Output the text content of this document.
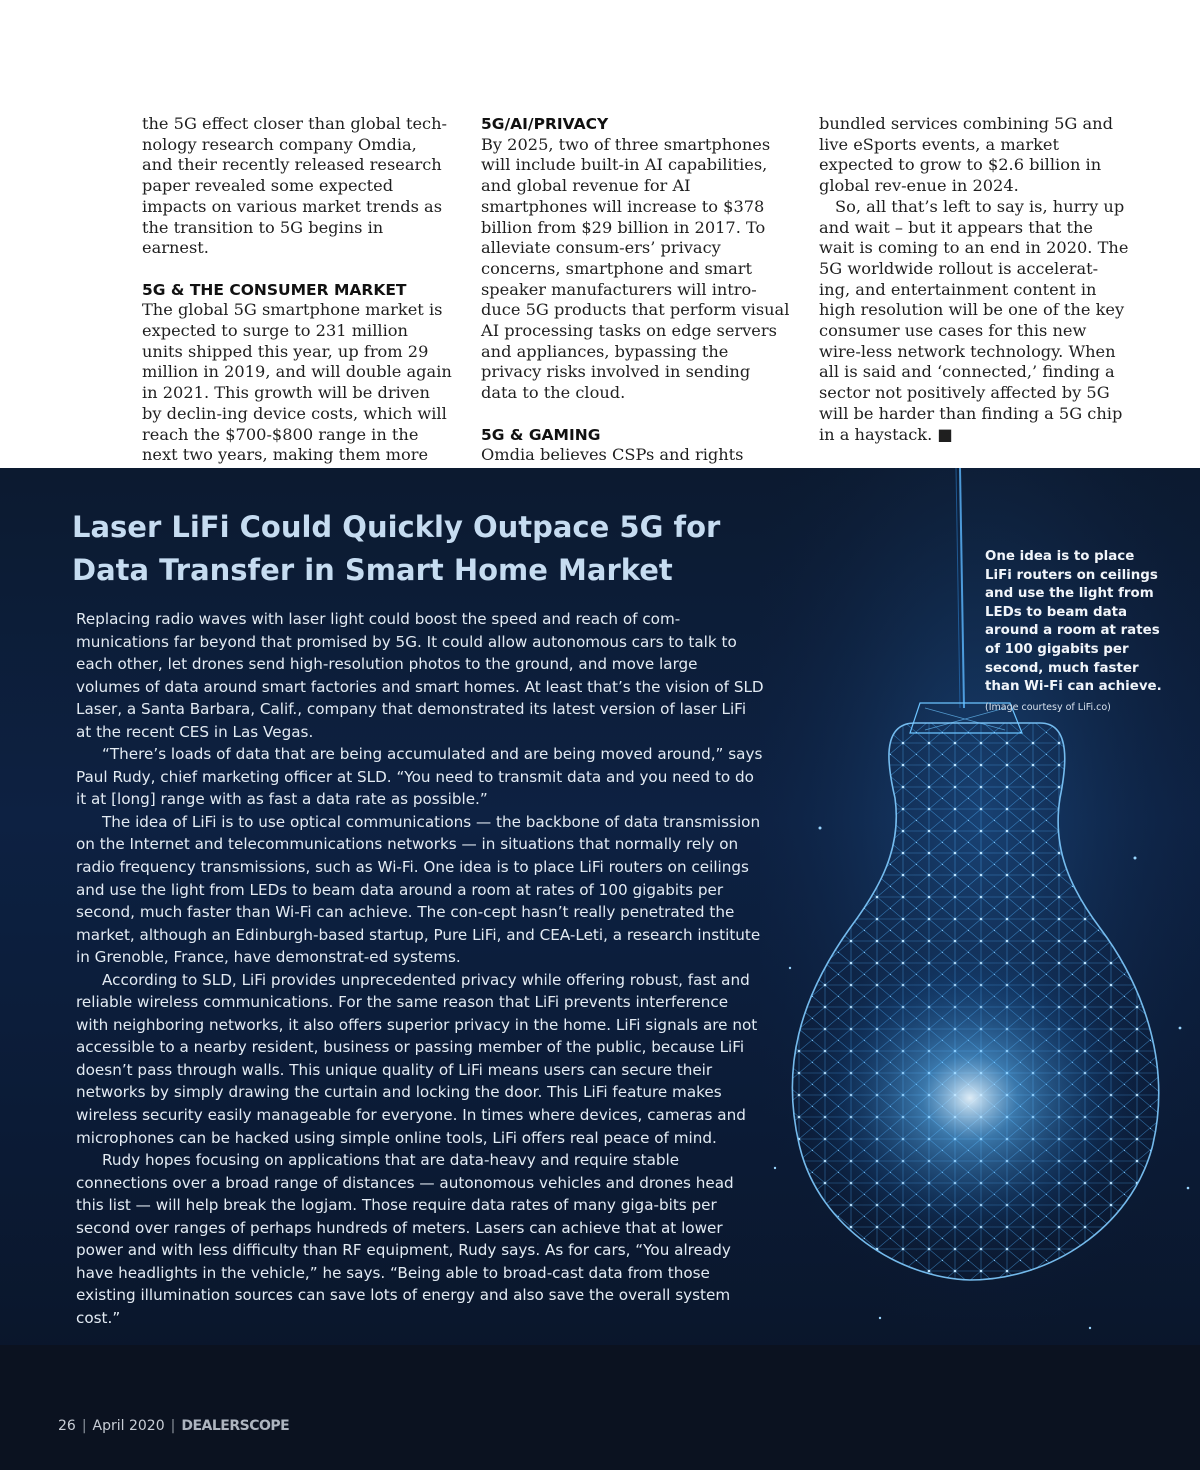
the 5G effect closer than global tech-nology research company Omdia, and their recently released research paper revealed some expected impacts on various market trends as the transition to 5G begins in earnest.

5G & THE CONSUMER MARKET

The global 5G smartphone market is expected to surge to 231 million units shipped this year, up from 29 million in 2019, and will double again in 2021. This growth will be driven by declin-ing device costs, which will reach the $700-$800 range in the next two years, making them more

5G/AI/PRIVACY

By 2025, two of three smartphones will include built-in AI capabilities, and global revenue for AI smartphones will increase to $378 billion from $29 billion in 2017. To alleviate consum-ers’ privacy concerns, smartphone and smart speaker manufacturers will intro-duce 5G products that perform visual AI processing tasks on edge servers and appliances, bypassing the privacy risks involved in sending data to the cloud.

5G & GAMING

Omdia believes CSPs and rights

bundled services combining 5G and live eSports events, a market expected to grow to $2.6 billion in global rev-enue in 2024.

So, all that’s left to say is, hurry up and wait – but it appears that the wait is coming to an end in 2020. The 5G worldwide rollout is accelerat-ing, and entertainment content in high resolution will be one of the key consumer use cases for this new wire-less network technology. When all is said and ‘connected,’ finding a sector not positively affected by 5G will be harder than finding a 5G chip in a haystack. ■

Laser LiFi Could Quickly Outpace 5G for Data Transfer in Smart Home Market

Replacing radio waves with laser light could boost the speed and reach of com-munications far beyond that promised by 5G. It could allow autonomous cars to talk to each other, let drones send high-resolution photos to the ground, and move large volumes of data around smart factories and smart homes. At least that’s the vision of SLD Laser, a Santa Barbara, Calif., company that demonstrated its latest version of laser LiFi at the recent CES in Las Vegas.

“There’s loads of data that are being accumulated and are being moved around,” says Paul Rudy, chief marketing officer at SLD. “You need to transmit data and you need to do it at [long] range with as fast a data rate as possible.”

The idea of LiFi is to use optical communications — the backbone of data transmission on the Internet and telecommunications networks — in situations that normally rely on radio frequency transmissions, such as Wi-Fi. One idea is to place LiFi routers on ceilings and use the light from LEDs to beam data around a room at rates of 100 gigabits per second, much faster than Wi-Fi can achieve. The con-cept hasn’t really penetrated the market, although an Edinburgh-based startup, Pure LiFi, and CEA-Leti, a research institute in Grenoble, France, have demonstrat-ed systems.

According to SLD, LiFi provides unprecedented privacy while offering robust, fast and reliable wireless communications. For the same reason that LiFi prevents interference with neighboring networks, it also offers superior privacy in the home. LiFi signals are not accessible to a nearby resident, business or passing member of the public, because LiFi doesn’t pass through walls. This unique quality of LiFi means users can secure their networks by simply drawing the curtain and locking the door. This LiFi feature makes wireless security easily manageable for everyone. In times where devices, cameras and microphones can be hacked using simple online tools, LiFi offers real peace of mind.

Rudy hopes focusing on applications that are data-heavy and require stable connections over a broad range of distances — autonomous vehicles and drones head this list — will help break the logjam. Those require data rates of many giga-bits per second over ranges of perhaps hundreds of meters. Lasers can achieve that at lower power and with less difficulty than RF equipment, Rudy says. As for cars, “You already have headlights in the vehicle,” he says. “Being able to broad-cast data from those existing illumination sources can save lots of energy and also save the overall system cost.”

One idea is to place LiFi routers on ceilings and use the light from LEDs to beam data around a room at rates of 100 gigabits per second, much faster than Wi-Fi can achieve.
(Image courtesy of LiFi.co)
26 | April 2020 | DEALERSCOPE
